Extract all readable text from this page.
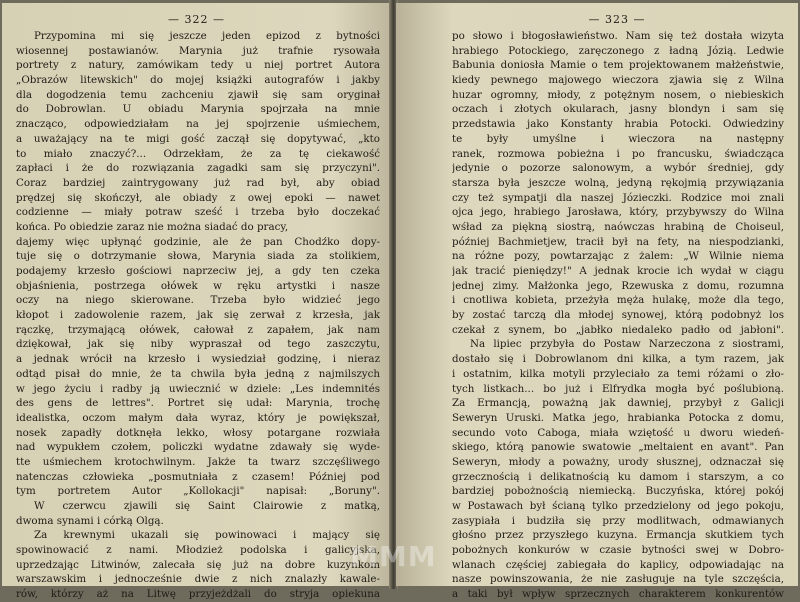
— 322 —
Przypomina mi się jeszcze jeden epizod z bytności
wiosennej postawianów. Marynia już trafnie rysowała
portrety z natury, zamówikam tedy u niej portret Autora
„Obrazów litewskich" do mojej książki autografów i jakby
dla dogodzenia temu zachceniu zjawił się sam oryginał
do Dobrowlan. U obiadu Marynia spojrzała na mnie
znacząco, odpowiedziałam na jej spojrzenie uśmiechem,
a uważający na te migi gość zaczął się dopytywać, „kto
to miało znaczyć?... Odrzekłam, że za tę ciekawość
zapłaci i że do rozwiązania zagadki sam się przyczyni".
Coraz bardziej zaintrygowany już rad był, aby obiad
prędzej się skończył, ale obiady z owej epoki — nawet
codzienne — miały potraw sześć i trzeba było doczekać
końca. Po obiedzie zaraz nie można siadać do pracy,
dajemy więc upłynąć godzinie, ale że pan Chodźko dopy-
tuje się o dotrzymanie słowa, Marynia siada za stolikiem,
podajemy krzesło gościowi naprzeciw jej, a gdy ten czeka
objaśnienia, postrzega ołówek w ręku artystki i nasze
oczy na niego skierowane. Trzeba było widzieć jego
kłopot i zadowolenie razem, jak się zerwał z krzesła, jak
rączkę, trzymającą ołówek, całował z zapałem, jak nam
dziękował, jak się niby wypraszał od tego zaszczytu,
a jednak wrócił na krzesło i wysiedział godzinę, i nieraz
odtąd pisał do mnie, że ta chwila była jedną z najmilszych
w jego życiu i radby ją uwiecznić w dziele: „Les indemnités
des gens de lettres". Portret się udał: Marynia, trochę
idealistka, oczom małym dała wyraz, który je powiększał,
nosek zapadły dotknęła lekko, włosy potargane rozwiała
nad wypukłem czołem, policzki wydatne zdawały się wyde-
tte uśmiechem krotochwilnym. Jakże ta twarz szczęśliwego
natenczas człowieka „posmutniała z czasem! Później pod
tym portretem Autor „Kollokacji" napisał: „Boruny".
W czerwcu zjawili się Saint Clairowie z matką,
dwoma synami i córką Olgą.
Za krewnymi ukazali się powinowaci i mający się
spowinowacić z nami. Młodzież podolska i galicyjska,
uprzedzając Litwinów, zalecała się już na dobre kuzynkom
warszawskim i jednocześnie dwie z nich znalazły kawale-
rów, którzy aż na Litwę przyjeżdżali do stryja opiekuna
— 323 —
po słowo i błogosławieństwo. Nam się też dostała wizyta
hrabiego Potockiego, zaręczonego z ładną Józią. Ledwie
Babunia doniosła Mamie o tem projektowanem małżeństwie,
kiedy pewnego majowego wieczora zjawia się z Wilna
huzar ogromny, młody, z potężnym nosem, o niebieskich
oczach i złotych okularach, jasny blondyn i sam się
przedstawia jako Konstanty hrabia Potocki. Odwiedziny
te były umyślne i wieczora na następny
ranek, rozmowa pobieżna i po francusku, świadcząca
jedynie o pozorze salonowym, a wybór średniej, gdy
starsza była jeszcze wolną, jedyną rękojmią przywiązania
czy też sympatji dla naszej Józieczki. Rodzice moi znali
ojca jego, hrabiego Jarosława, który, przybywszy do Wilna
wśład za piękną siostrą, naówczas hrabiną de Choiseul,
później Bachmietjew, tracił był na fety, na niespodzianki,
na różne pozy, powtarzając z żalem: „W Wilnie niema
jak tracić pieniędzy!" A jednak krocie ich wydał w ciągu
jednej zimy. Małżonka jego, Rzewuska z domu, rozumna
i cnotliwa kobieta, przeżyła męża hulakę, może dla tego,
by zostać tarczą dla młodej synowej, którą podobnyż los
czekał z synem, bo „jabłko niedaleko padło od jabłoni".
Na lipiec przybyła do Postaw Narzeczona z siostrami,
dostało się i Dobrowlanom dni kilka, a tym razem, jak
i ostatnim, kilka motyli przyleciało za temi różami o zło-
tych listkach... bo już i Elfrydka mogła być poślubioną.
Za Ermancją, poważną jak dawniej, przybył z Galicji
Seweryn Uruski. Matka jego, hrabianka Potocka z domu,
secundo voto Caboga, miała wziętość u dworu wiedeń-
skiego, którą panowie swatowie „meltaient en avant". Pan
Seweryn, młody a poważny, urody słusznej, odznaczał się
grzecznością i delikatnością ku damom i starszym, a co
bardziej pobożnością niemiecką. Buczyńska, której pokój
w Postawach był ścianą tylko przedzielony od jego pokoju,
zasypiała i budziła się przy modlitwach, odmawianych
głośno przez przyszłego kuzyna. Ermancja skutkiem tych
pobożnych konkurów w czasie bytności swej w Dobro-
wlanach częściej zabiegała do kaplicy, odpowiadając na
nasze powinszowania, że nie zasługuje na tyle szczęścia,
a taki był wpływ sprzecznych charakterem konkurentów
MMM
